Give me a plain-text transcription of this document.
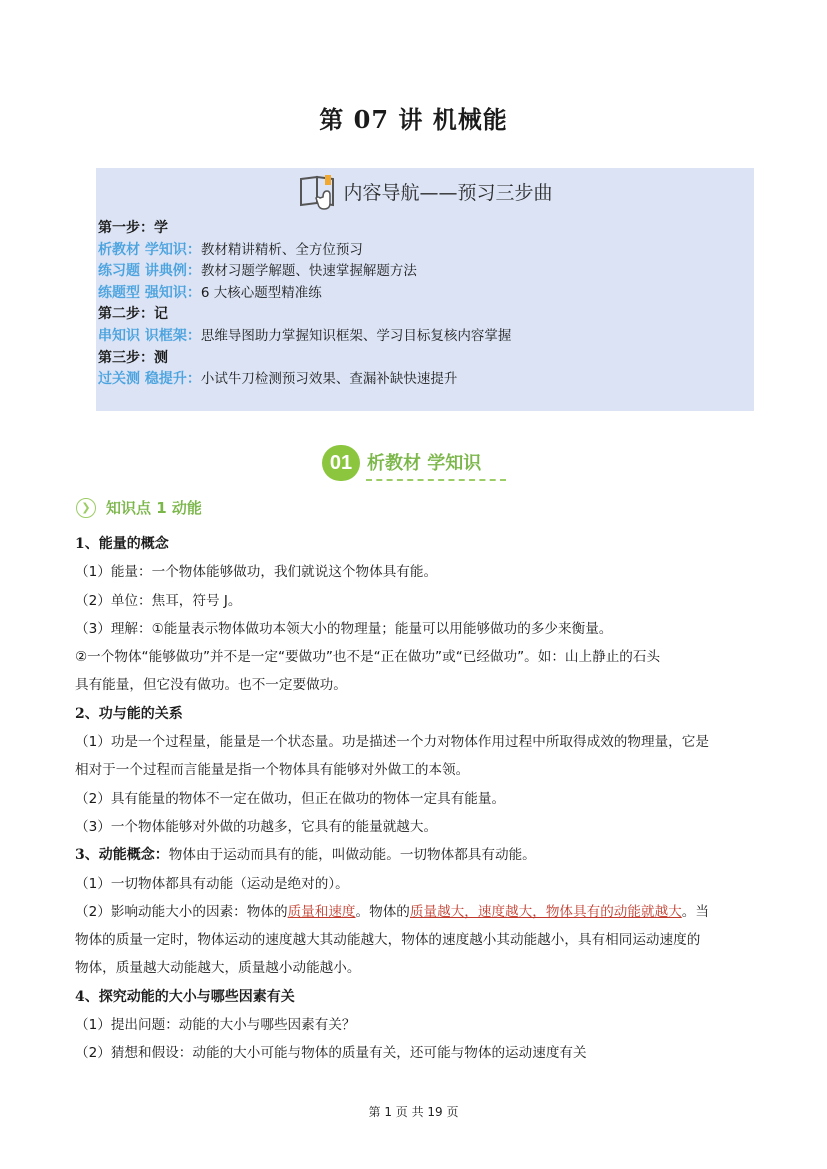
第 07 讲 机械能
内容导航——预习三步曲
第一步：学
析教材 学知识：教材精讲精析、全方位预习
练习题 讲典例：教材习题学解题、快速掌握解题方法
练题型 强知识：6 大核心题型精准练
第二步：记
串知识 识框架：思维导图助力掌握知识框架、学习目标复核内容掌握
第三步：测
过关测 稳提升：小试牛刀检测预习效果、查漏补缺快速提升
01 析教材 学知识
❯	知识点 1 动能
1、能量的概念
（1）能量：一个物体能够做功，我们就说这个物体具有能。
（2）单位：焦耳，符号 J。
（3）理解：①能量表示物体做功本领大小的物理量；能量可以用能够做功的多少来衡量。
②一个物体“能够做功”并不是一定“要做功”也不是“正在做功”或“已经做功”。如：山上静止的石头
具有能量，但它没有做功。也不一定要做功。
2、功与能的关系
（1）功是一个过程量，能量是一个状态量。功是描述一个力对物体作用过程中所取得成效的物理量，它是
相对于一个过程而言能量是指一个物体具有能够对外做工的本领。
（2）具有能量的物体不一定在做功，但正在做功的物体一定具有能量。
（3）一个物体能够对外做的功越多，它具有的能量就越大。
3、动能概念：物体由于运动而具有的能，叫做动能。一切物体都具有动能。
（1）一切物体都具有动能（运动是绝对的）。
（2）影响动能大小的因素：物体的质量和速度。物体的质量越大，速度越大，物体具有的动能就越大。当
物体的质量一定时，物体运动的速度越大其动能越大，物体的速度越小其动能越小，具有相同运动速度的
物体，质量越大动能越大，质量越小动能越小。
4、探究动能的大小与哪些因素有关
（1）提出问题：动能的大小与哪些因素有关？
（2）猜想和假设：动能的大小可能与物体的质量有关，还可能与物体的运动速度有关
第 1 页 共 19 页
